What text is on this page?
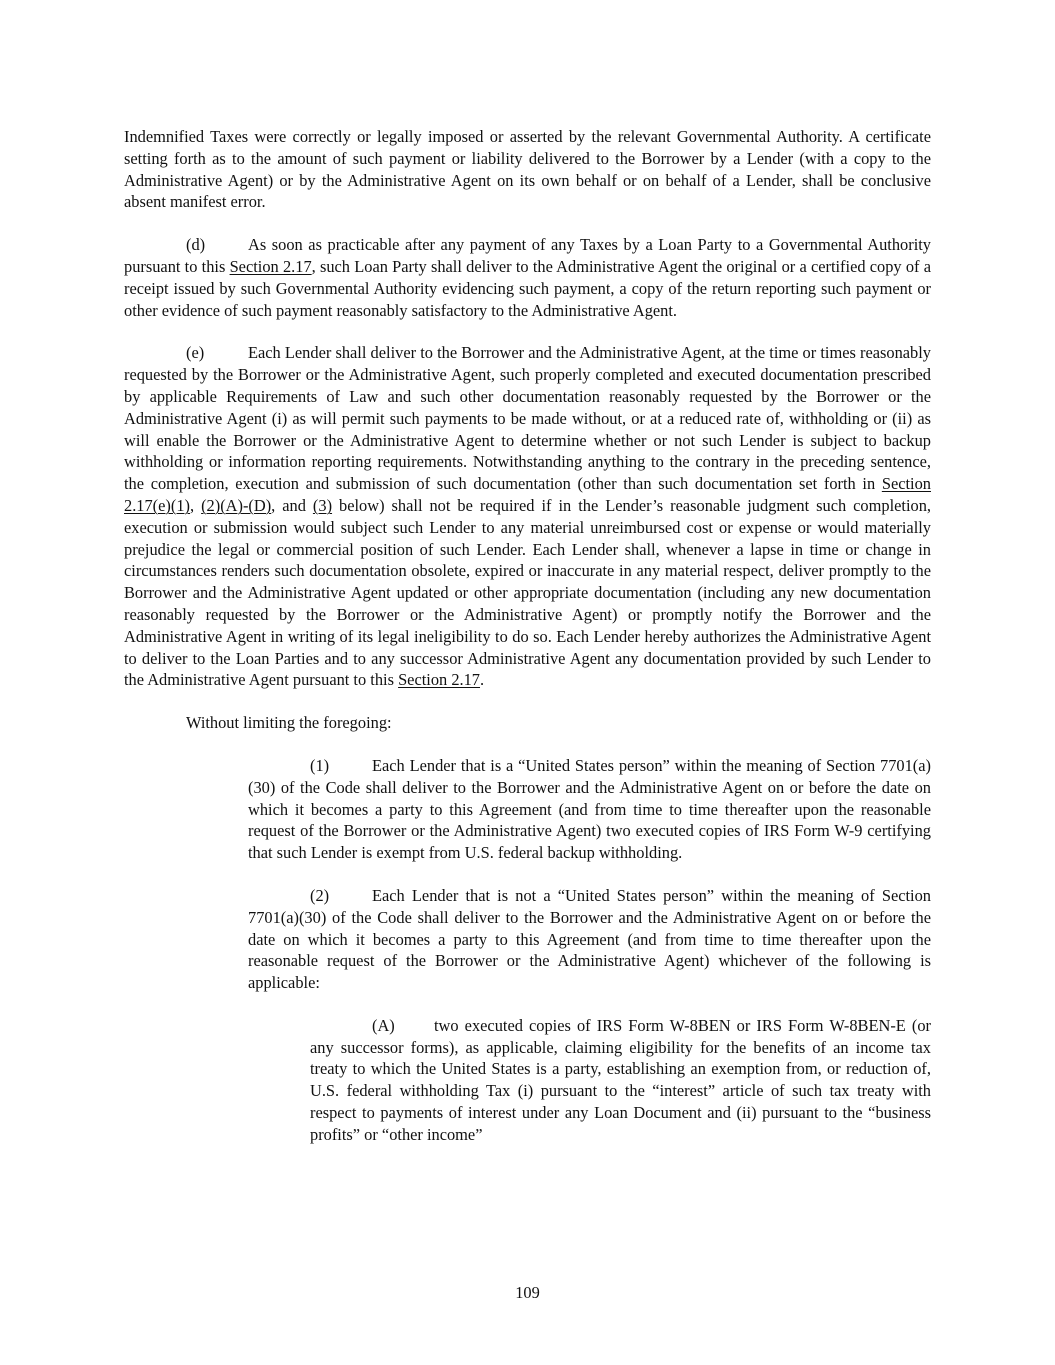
Indemnified Taxes were correctly or legally imposed or asserted by the relevant Governmental Authority. A certificate setting forth as to the amount of such payment or liability delivered to the Borrower by a Lender (with a copy to the Administrative Agent) or by the Administrative Agent on its own behalf or on behalf of a Lender, shall be conclusive absent manifest error.

(d)	As soon as practicable after any payment of any Taxes by a Loan Party to a Governmental Authority pursuant to this Section 2.17, such Loan Party shall deliver to the Administrative Agent the original or a certified copy of a receipt issued by such Governmental Authority evidencing such payment, a copy of the return reporting such payment or other evidence of such payment reasonably satisfactory to the Administrative Agent.

(e)	Each Lender shall deliver to the Borrower and the Administrative Agent, at the time or times reasonably requested by the Borrower or the Administrative Agent, such properly completed and executed documentation prescribed by applicable Requirements of Law and such other documentation reasonably requested by the Borrower or the Administrative Agent (i) as will permit such payments to be made without, or at a reduced rate of, withholding or (ii) as will enable the Borrower or the Administrative Agent to determine whether or not such Lender is subject to backup withholding or information reporting requirements. Notwithstanding anything to the contrary in the preceding sentence, the completion, execution and submission of such documentation (other than such documentation set forth in Section 2.17(e)(1), (2)(A)-(D), and (3) below) shall not be required if in the Lender’s reasonable judgment such completion, execution or submission would subject such Lender to any material unreimbursed cost or expense or would materially prejudice the legal or commercial position of such Lender. Each Lender shall, whenever a lapse in time or change in circumstances renders such documentation obsolete, expired or inaccurate in any material respect, deliver promptly to the Borrower and the Administrative Agent updated or other appropriate documentation (including any new documentation reasonably requested by the Borrower or the Administrative Agent) or promptly notify the Borrower and the Administrative Agent in writing of its legal ineligibility to do so. Each Lender hereby authorizes the Administrative Agent to deliver to the Loan Parties and to any successor Administrative Agent any documentation provided by such Lender to the Administrative Agent pursuant to this Section 2.17.

Without limiting the foregoing:

(1)	Each Lender that is a “United States person” within the meaning of Section 7701(a)(30) of the Code shall deliver to the Borrower and the Administrative Agent on or before the date on which it becomes a party to this Agreement (and from time to time thereafter upon the reasonable request of the Borrower or the Administrative Agent) two executed copies of IRS Form W-9 certifying that such Lender is exempt from U.S. federal backup withholding.

(2)	Each Lender that is not a “United States person” within the meaning of Section 7701(a)(30) of the Code shall deliver to the Borrower and the Administrative Agent on or before the date on which it becomes a party to this Agreement (and from time to time thereafter upon the reasonable request of the Borrower or the Administrative Agent) whichever of the following is applicable:

(A) two executed copies of IRS Form W-8BEN or IRS Form W-8BEN-E (or any successor forms), as applicable, claiming eligibility for the benefits of an income tax treaty to which the United States is a party, establishing an exemption from, or reduction of, U.S. federal withholding Tax (i) pursuant to the “interest” article of such tax treaty with respect to payments of interest under any Loan Document and (ii) pursuant to the “business profits” or “other income”

109
